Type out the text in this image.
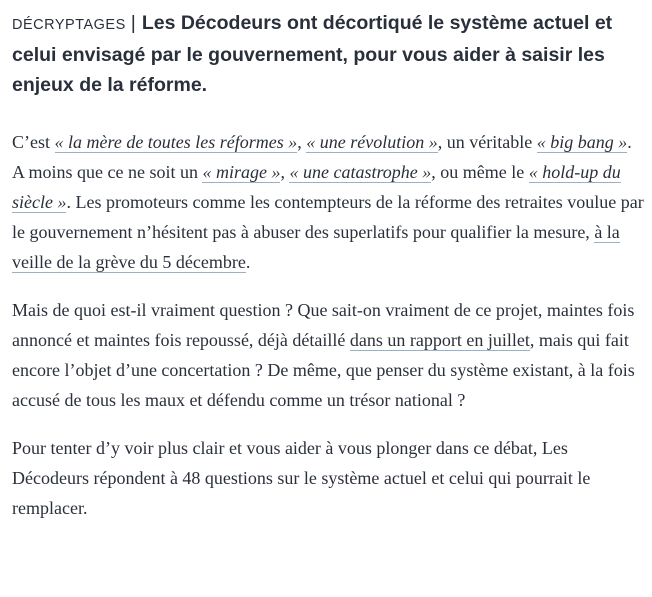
DÉCRYPTAGES | Les Décodeurs ont décortiqué le système actuel et celui envisagé par le gouvernement, pour vous aider à saisir les enjeux de la réforme.

C’est « la mère de toutes les réformes », « une révolution », un véritable « big bang ». A moins que ce ne soit un « mirage », « une catastrophe », ou même le « hold-up du siècle ». Les promoteurs comme les contempteurs de la réforme des retraites voulue par le gouvernement n’hésitent pas à abuser des superlatifs pour qualifier la mesure, à la veille de la grève du 5 décembre.

Mais de quoi est-il vraiment question ? Que sait-on vraiment de ce projet, maintes fois annoncé et maintes fois repoussé, déjà détaillé dans un rapport en juillet, mais qui fait encore l’objet d’une concertation ? De même, que penser du système existant, à la fois accusé de tous les maux et défendu comme un trésor national ?

Pour tenter d’y voir plus clair et vous aider à vous plonger dans ce débat, Les Décodeurs répondent à 48 questions sur le système actuel et celui qui pourrait le remplacer.
